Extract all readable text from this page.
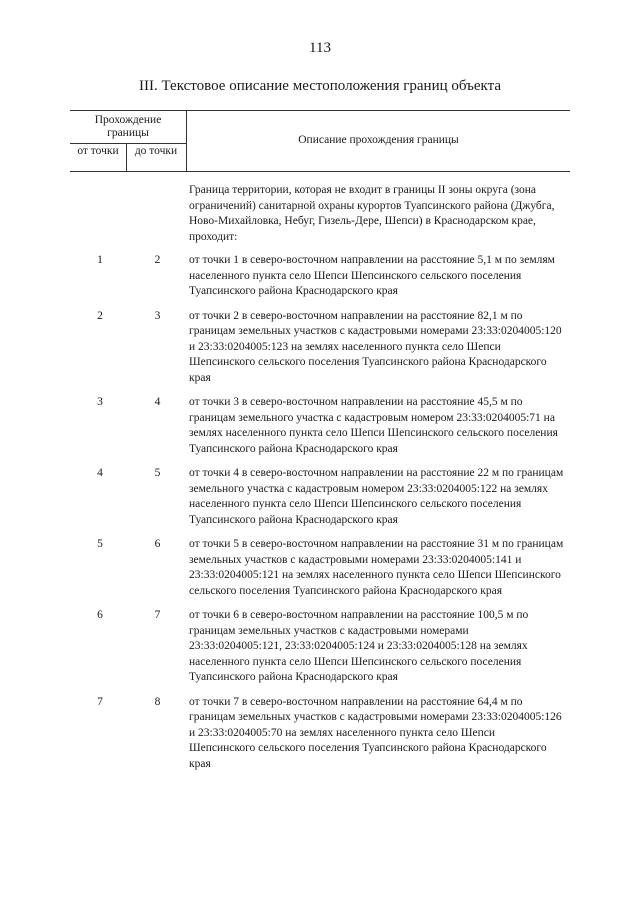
113
III. Текстовое описание местоположения границ объекта
Прохождение границы
от точки до точки
Описание прохождения границы
Граница территории, которая не входит в границы II зоны округа (зона ограничений) санитарной охраны курортов Туапсинского района (Джубга, Ново-Михайловка, Небуг, Гизель-Дере, Шепси) в Краснодарском крае, проходит:
1	2	от точки 1 в северо-восточном направлении на расстояние 5,1 м по землям населенного пункта село Шепси Шепсинского сельского поселения Туапсинского района Краснодарского края
2	3	от точки 2 в северо-восточном направлении на расстояние 82,1 м по границам земельных участков с кадастровыми номерами 23:33:0204005:120 и 23:33:0204005:123 на землях населенного пункта село Шепси Шепсинского сельского поселения Туапсинского района Краснодарского края
3	4	от точки 3 в северо-восточном направлении на расстояние 45,5 м по границам земельного участка с кадастровым номером 23:33:0204005:71 на землях населенного пункта село Шепси Шепсинского сельского поселения Туапсинского района Краснодарского края
4	5	от точки 4 в северо-восточном направлении на расстояние 22 м по границам земельного участка с кадастровым номером 23:33:0204005:122 на землях населенного пункта село Шепси Шепсинского сельского поселения Туапсинского района Краснодарского края
5	6	от точки 5 в северо-восточном направлении на расстояние 31 м по границам земельных участков с кадастровыми номерами 23:33:0204005:141 и 23:33:0204005:121 на землях населенного пункта село Шепси Шепсинского сельского поселения Туапсинского района Краснодарского края
6	7	от точки 6 в северо-восточном направлении на расстояние 100,5 м по границам земельных участков с кадастровыми номерами 23:33:0204005:121, 23:33:0204005:124 и 23:33:0204005:128 на землях населенного пункта село Шепси Шепсинского сельского поселения Туапсинского района Краснодарского края
7	8	от точки 7 в северо-восточном направлении на расстояние 64,4 м по границам земельных участков с кадастровыми номерами 23:33:0204005:126 и 23:33:0204005:70 на землях населенного пункта село Шепси Шепсинского сельского поселения Туапсинского района Краснодарского края
